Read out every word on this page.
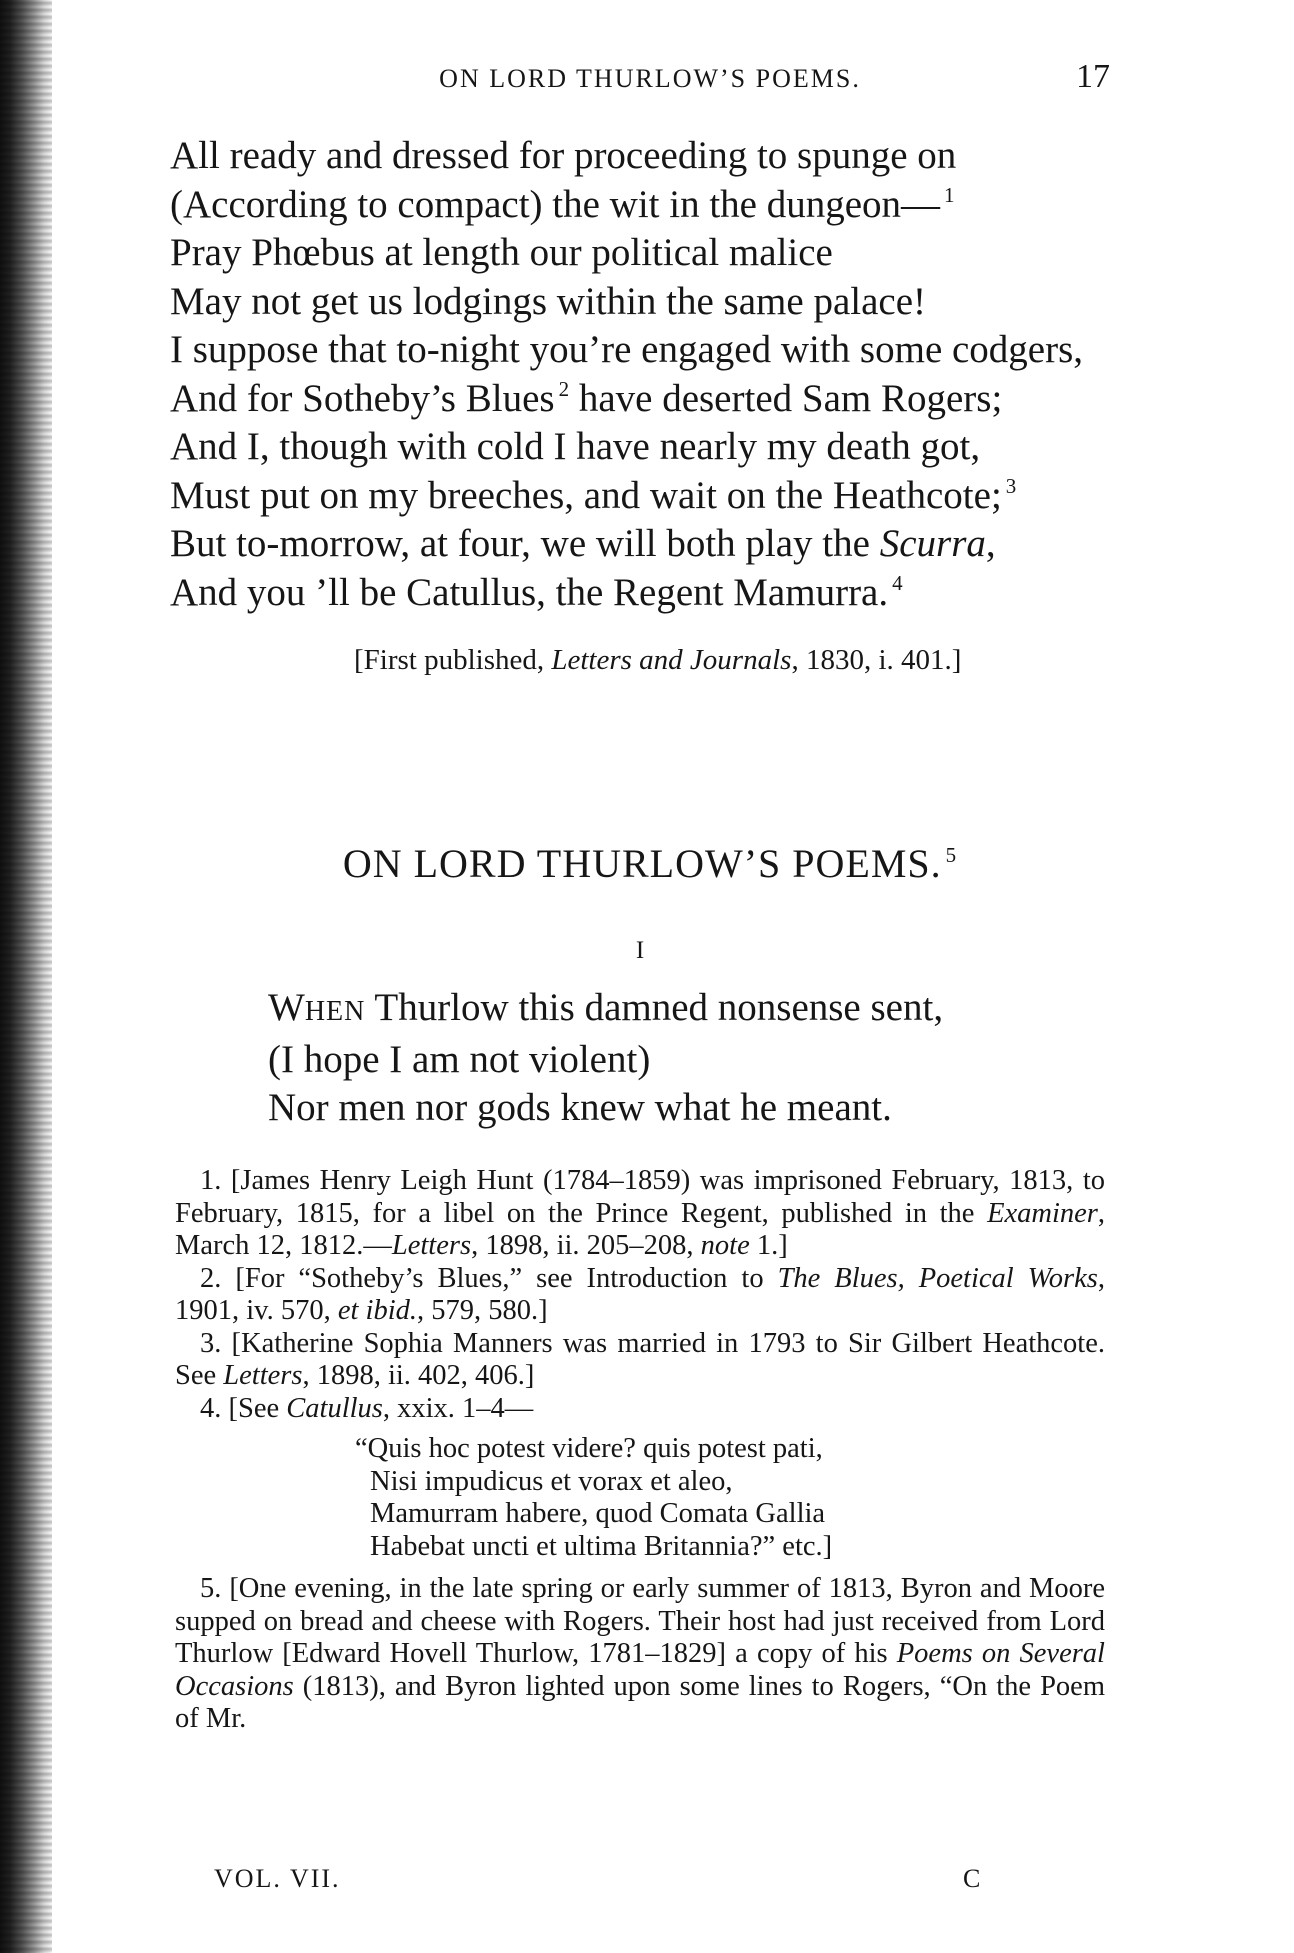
ON LORD THURLOW’S POEMS.	17
All ready and dressed for proceeding to spunge on
(According to compact) the wit in the dungeon— $^1$
Pray Phœbus at length our political malice
May not get us lodgings within the same palace!
I suppose that to-night you’re engaged with some codgers,
And for Sotheby’s Blues $^2$ have deserted Sam Rogers;
And I, though with cold I have nearly my death got,
Must put on my breeches, and wait on the Heathcote; $^3$
But to-morrow, at four, we will both play the Scurra,
And you ’ll be Catullus, the Regent Mamurra. $^4$
[First published, Letters and Journals, 1830, i. 401.]
ON LORD THURLOW’S POEMS. $^5$
I
WHEN Thurlow this damned nonsense sent,
(I hope I am not violent)
Nor men nor gods knew what he meant.
1. [James Henry Leigh Hunt (1784–1859) was imprisoned February, 1813, to February, 1815, for a libel on the Prince Regent, published in the Examiner, March 12, 1812.—Letters, 1898, ii. 205–208, note 1.]
2. [For “Sotheby’s Blues,” see Introduction to The Blues, Poetical Works, 1901, iv. 570, et ibid., 579, 580.]
3. [Katherine Sophia Manners was married in 1793 to Sir Gilbert Heathcote. See Letters, 1898, ii. 402, 406.]
4. [See Catullus, xxix. 1–4—
“Quis hoc potest videre? quis potest pati,
Nisi impudicus et vorax et aleo,
Mamurram habere, quod Comata Gallia
Habebat uncti et ultima Britannia?” etc.]
5. [One evening, in the late spring or early summer of 1813, Byron and Moore supped on bread and cheese with Rogers. Their host had just received from Lord Thurlow [Edward Hovell Thurlow, 1781–1829] a copy of his Poems on Several Occasions (1813), and Byron lighted upon some lines to Rogers, “On the Poem of Mr.
VOL. VII.	C
